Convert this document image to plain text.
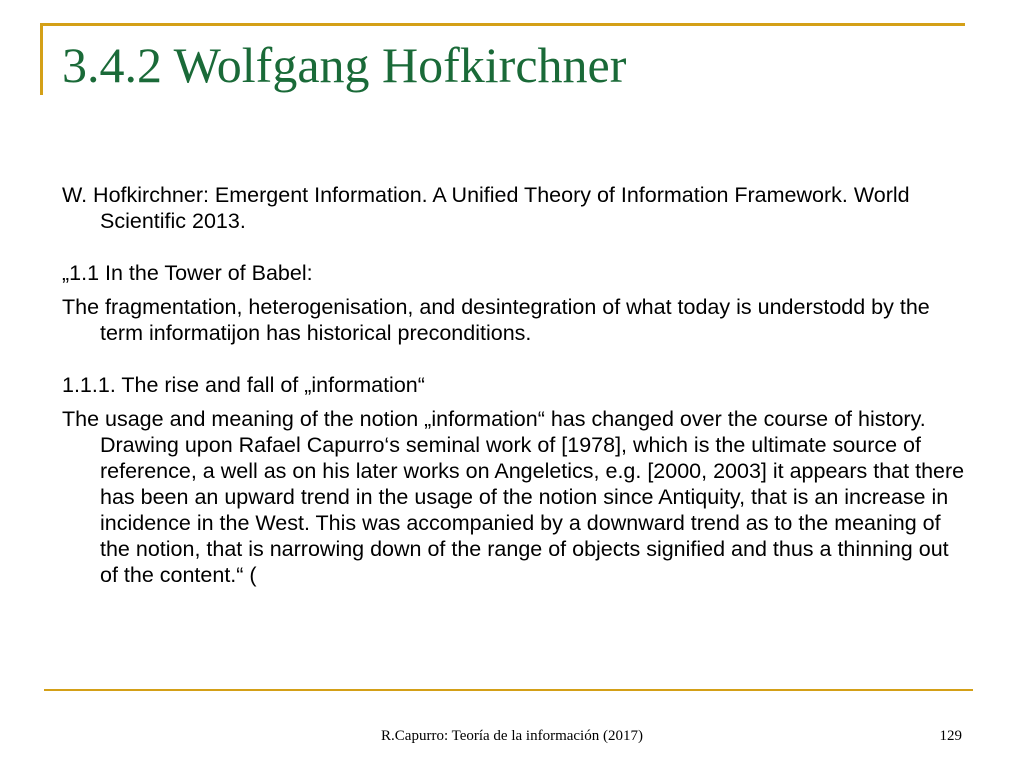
3.4.2 Wolfgang Hofkirchner

W. Hofkirchner: Emergent Information. A Unified Theory of Information Framework. World Scientific 2013.

„1.1 In the Tower of Babel:

The fragmentation, heterogenisation, and desintegration of what today is understodd by the term informatijon has historical preconditions.

1.1.1. The rise and fall of „information“

The usage and meaning of the notion „information“ has changed over the course of history. Drawing upon Rafael Capurro‘s seminal work of [1978], which is the ultimate source of reference, a well as on his later works on Angeletics, e.g. [2000, 2003] it appears that there has been an upward trend in the usage of the notion since Antiquity, that is an increase in incidence in the West. This was accompanied by a downward trend as to the meaning of the notion, that is narrowing down of the range of objects signified and thus a thinning out of the content.“ (

R.Capurro: Teoría de la información (2017)	129
